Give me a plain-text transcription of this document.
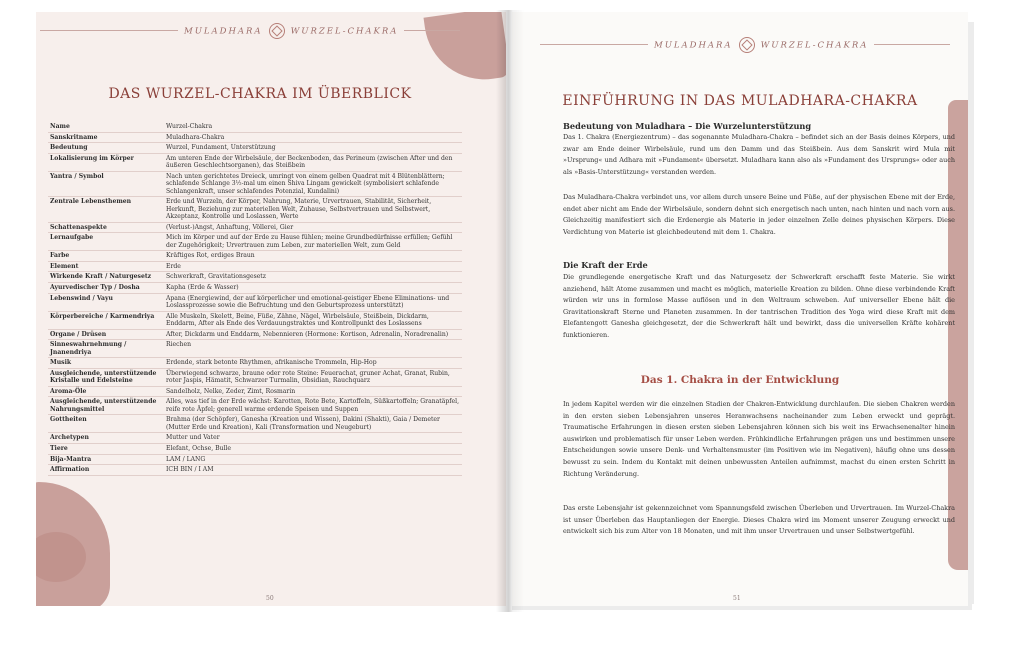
MULADHARA	WURZEL-CHAKRA
DAS WURZEL-CHAKRA IM ÜBERBLICK
Name	Wurzel-Chakra
Sanskritname	Muladhara-Chakra
Bedeutung	Wurzel, Fundament, Unterstützung
Lokalisierung im Körper	Am unteren Ende der Wirbelsäule, der Beckenboden, das Perineum (zwischen After und den äußeren Geschlechtsorganen), das Steißbein
Yantra / Symbol	Nach unten gerichtetes Dreieck, umringt von einem gelben Quadrat mit 4 Blütenblättern; schlafende Schlange 3½-mal um einen Shiva Lingam gewickelt (symbolisiert schlafende Schlangenkraft, unser schlafendes Potenzial, Kundalini)
Zentrale Lebensthemen	Erde und Wurzeln, der Körper, Nahrung, Materie, Urvertrauen, Stabilität, Sicherheit, Herkunft, Beziehung zur materiellen Welt, Zuhause, Selbstvertrauen und Selbstwert, Akzeptanz, Kontrolle und Loslassen, Werte
Schattenaspekte	(Verlust-)Angst, Anhaftung, Völlerei, Gier
Lernaufgabe	Mich im Körper und auf der Erde zu Hause fühlen; meine Grundbedürfnisse erfüllen; Gefühl der Zugehörigkeit; Urvertrauen zum Leben, zur materiellen Welt, zum Geld
Farbe	Kräftiges Rot, erdiges Braun
Element	Erde
Wirkende Kraft / Naturgesetz	Schwerkraft, Gravitationsgesetz
Ayurvedischer Typ / Dosha	Kapha (Erde & Wasser)
Lebenswind / Vayu	Apana (Energiewind, der auf körperlicher und emotional-geistiger Ebene Eliminations- und Loslassprozesse sowie die Befruchtung und den Geburtsprozess unterstützt)
Körperbereiche / Karmendriya	Alle Muskeln, Skelett, Beine, Füße, Zähne, Nägel, Wirbelsäule, Steißbein, Dickdarm, Enddarm, After als Ende des Verdauungstraktes und Kontrollpunkt des Loslassens
Organe / Drüsen	After, Dickdarm und Enddarm, Nebennieren (Hormone: Kortison, Adrenalin, Noradrenalin)
Sinneswahrnehmung / Jnanendriya	Riechen
Musik	Erdende, stark betonte Rhythmen, afrikanische Trommeln, Hip-Hop
Ausgleichende, unterstützende Kristalle und Edelsteine	Überwiegend schwarze, braune oder rote Steine: Feuerachat, gruner Achat, Granat, Rubin, roter Jaspis, Hämatit, Schwarzer Turmalin, Obsidian, Rauchquarz
Aroma-Öle	Sandelholz, Nelke, Zeder, Zimt, Rosmarin
Ausgleichende, unterstützende Nahrungsmittel	Alles, was tief in der Erde wächst: Karotten, Rote Bete, Kartoffeln, Süßkartoffeln; Granatäpfel, reife rote Äpfel; generell warme erdende Speisen und Suppen
Gottheiten	Brahma (der Schöpfer), Ganesha (Kreation und Wissen), Dakini (Shakti), Gaia / Demeter (Mutter Erde und Kreation), Kali (Transformation und Neugeburt)
Archetypen	Mutter und Vater
Tiere	Elefant, Ochse, Bulle
Bija-Mantra	LAM / LANG
Affirmation	ICH BIN / I AM
50
MULADHARA	WURZEL-CHAKRA
EINFÜHRUNG IN DAS MULADHARA-CHAKRA
Bedeutung von Muladhara – Die Wurzelunterstützung
Das 1. Chakra (Energiezentrum) – das sogenannte Muladhara-Chakra – befindet sich an der Basis deines Körpers, und zwar am Ende deiner Wirbelsäule, rund um den Damm und das Steißbein. Aus dem Sanskrit wird Mula mit »Ursprung« und Adhara mit »Fundament« übersetzt. Muladhara kann also als »Fundament des Ursprungs« oder auch als »Basis-Unterstützung« verstanden werden.
Das Muladhara-Chakra verbindet uns, vor allem durch unsere Beine und Füße, auf der physischen Ebene mit der Erde, endet aber nicht am Ende der Wirbelsäule, sondern dehnt sich energetisch nach unten, nach hinten und nach vorn aus. Gleichzeitig manifestiert sich die Erdenergie als Materie in jeder einzelnen Zelle deines physischen Körpers. Diese Verdichtung von Materie ist gleichbedeutend mit dem 1. Chakra.
Die Kraft der Erde
Die grundlegende energetische Kraft und das Naturgesetz der Schwerkraft erschafft feste Materie. Sie wirkt anziehend, hält Atome zusammen und macht es möglich, materielle Kreation zu bilden. Ohne diese verbindende Kraft würden wir uns in formlose Masse auflösen und in den Weltraum schweben. Auf universeller Ebene hält die Gravitationskraft Sterne und Planeten zusammen. In der tantrischen Tradition des Yoga wird diese Kraft mit dem Elefantengott Ganesha gleichgesetzt, der die Schwerkraft hält und bewirkt, dass die universellen Kräfte kohärent funktionieren.
Das 1. Chakra in der Entwicklung
In jedem Kapitel werden wir die einzelnen Stadien der Chakren-Entwicklung durchlaufen. Die sieben Chakren werden in den ersten sieben Lebensjahren unseres Heranwachsens nacheinander zum Leben erweckt und geprägt. Traumatische Erfahrungen in diesen ersten sieben Lebensjahren können sich bis weit ins Erwachsenenalter hinein auswirken und problematisch für unser Leben werden. Frühkindliche Erfahrungen prägen uns und bestimmen unsere Entscheidungen sowie unsere Denk- und Verhaltensmuster (im Positiven wie im Negativen), häufig ohne uns dessen bewusst zu sein. Indem du Kontakt mit deinen unbewussten Anteilen aufnimmst, machst du einen ersten Schritt in Richtung Veränderung.
Das erste Lebensjahr ist gekennzeichnet vom Spannungsfeld zwischen Überleben und Urvertrauen. Im Wurzel-Chakra ist unser Überleben das Hauptanliegen der Energie. Dieses Chakra wird im Moment unserer Zeugung erweckt und entwickelt sich bis zum Alter von 18 Monaten, und mit ihm unser Urvertrauen und unser Selbstwertgefühl.
51
